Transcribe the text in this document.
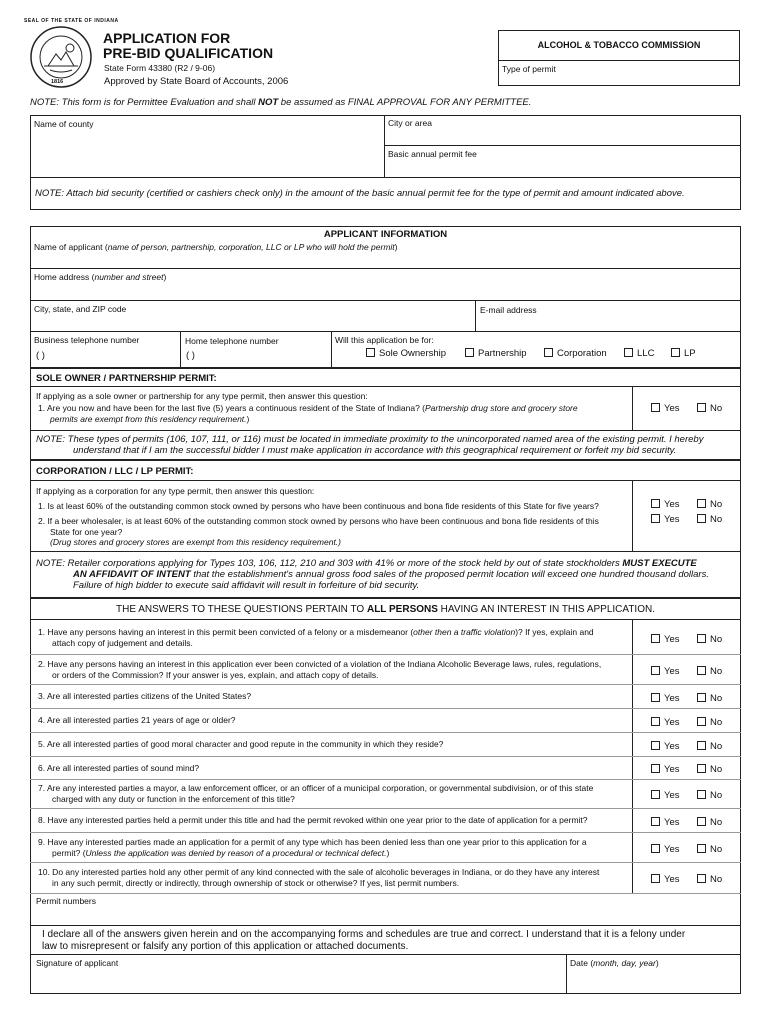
1816
SEAL OF THE STATE OF INDIANA
APPLICATION FOR
PRE-BID QUALIFICATION
State Form 43380 (R2 / 9-06)
Approved by State Board of Accounts, 2006
ALCOHOL & TOBACCO COMMISSION
Type of permit
NOTE: This form is for Permittee Evaluation and shall NOT be assumed as FINAL APPROVAL FOR ANY PERMITTEE.
Name of county	City or area
Basic annual permit fee
NOTE: Attach bid security (certified or cashiers check only) in the amount of the basic annual permit fee for the type of permit and amount indicated above.
APPLICANT INFORMATION
Name of applicant (name of person, partnership, corporation, LLC or LP who will hold the permit)
Home address (number and street)
City, state, and ZIP code	E-mail address
Business telephone number
( )
Home telephone number
( )
Will this application be for:
Sole Ownership	Partnership	Corporation	LLC	LP
SOLE OWNER / PARTNERSHIP PERMIT:
If applying as a sole owner or partnership for any type permit, then answer this question:
1. Are you now and have been for the last five (5) years a continuous resident of the State of Indiana? (Partnership drug store and grocery store
permits are exempt from this residency requirement.)
Yes	No
NOTE: These types of permits (106, 107, 111, or 116) must be located in immediate proximity to the unincorporated named area of the existing permit. I hereby
understand that if I am the successful bidder I must make application in accordance with this geographical requirement or forfeit my bid security.
CORPORATION / LLC / LP PERMIT:
If applying as a corporation for any type permit, then answer this question:
1. Is at least 60% of the outstanding common stock owned by persons who have been continuous and bona fide residents of this State for five years?
2. If a beer wholesaler, is at least 60% of the outstanding common stock owned by persons who have been continuous and bona fide residents of this
State for one year?
(Drug stores and grocery stores are exempt from this residency requirement.)
Yes	No
Yes	No
NOTE: Retailer corporations applying for Types 103, 106, 112, 210 and 303 with 41% or more of the stock held by out of state stockholders MUST EXECUTE
AN AFFIDAVIT OF INTENT that the establishment's annual gross food sales of the proposed permit location will exceed one hundred thousand dollars.
Failure of high bidder to execute said affidavit will result in forfeiture of bid security.
THE ANSWERS TO THESE QUESTIONS PERTAIN TO ALL PERSONS HAVING AN INTEREST IN THIS APPLICATION.
1. Have any persons having an interest in this permit been convicted of a felony or a misdemeanor (other then a traffic violation)? If yes, explain and
attach copy of judgement and details.	Yes	No
2. Have any persons having an interest in this application ever been convicted of a violation of the Indiana Alcoholic Beverage laws, rules, regulations,
or orders of the Commission? If your answer is yes, explain, and attach copy of details.	Yes	No
3. Are all interested parties citizens of the United States?	Yes	No
4. Are all interested parties 21 years of age or older?	Yes	No
5. Are all interested parties of good moral character and good repute in the community in which they reside?	Yes	No
6. Are all interested parties of sound mind?	Yes	No
7. Are any interested parties a mayor, a law enforcement officer, or an officer of a municipal corporation, or governmental subdivision, or of this state
charged with any duty or function in the enforcement of this title?	Yes	No
8. Have any interested parties held a permit under this title and had the permit revoked within one year prior to the date of application for a permit?	Yes	No
9. Have any interested parties made an application for a permit of any type which has been denied less than one year prior to this application for a
permit? (Unless the application was denied by reason of a procedural or technical defect.)	Yes	No
10. Do any interested parties hold any other permit of any kind connected with the sale of alcoholic beverages in Indiana, or do they have any interest
in any such permit, directly or indirectly, through ownership of stock or otherwise? If yes, list permit numbers.	Yes	No
Permit numbers
I declare all of the answers given herein and on the accompanying forms and schedules are true and correct. I understand that it is a felony under
law to misrepresent or falsify any portion of this application or attached documents.
Signature of applicant	Date (month, day, year)
